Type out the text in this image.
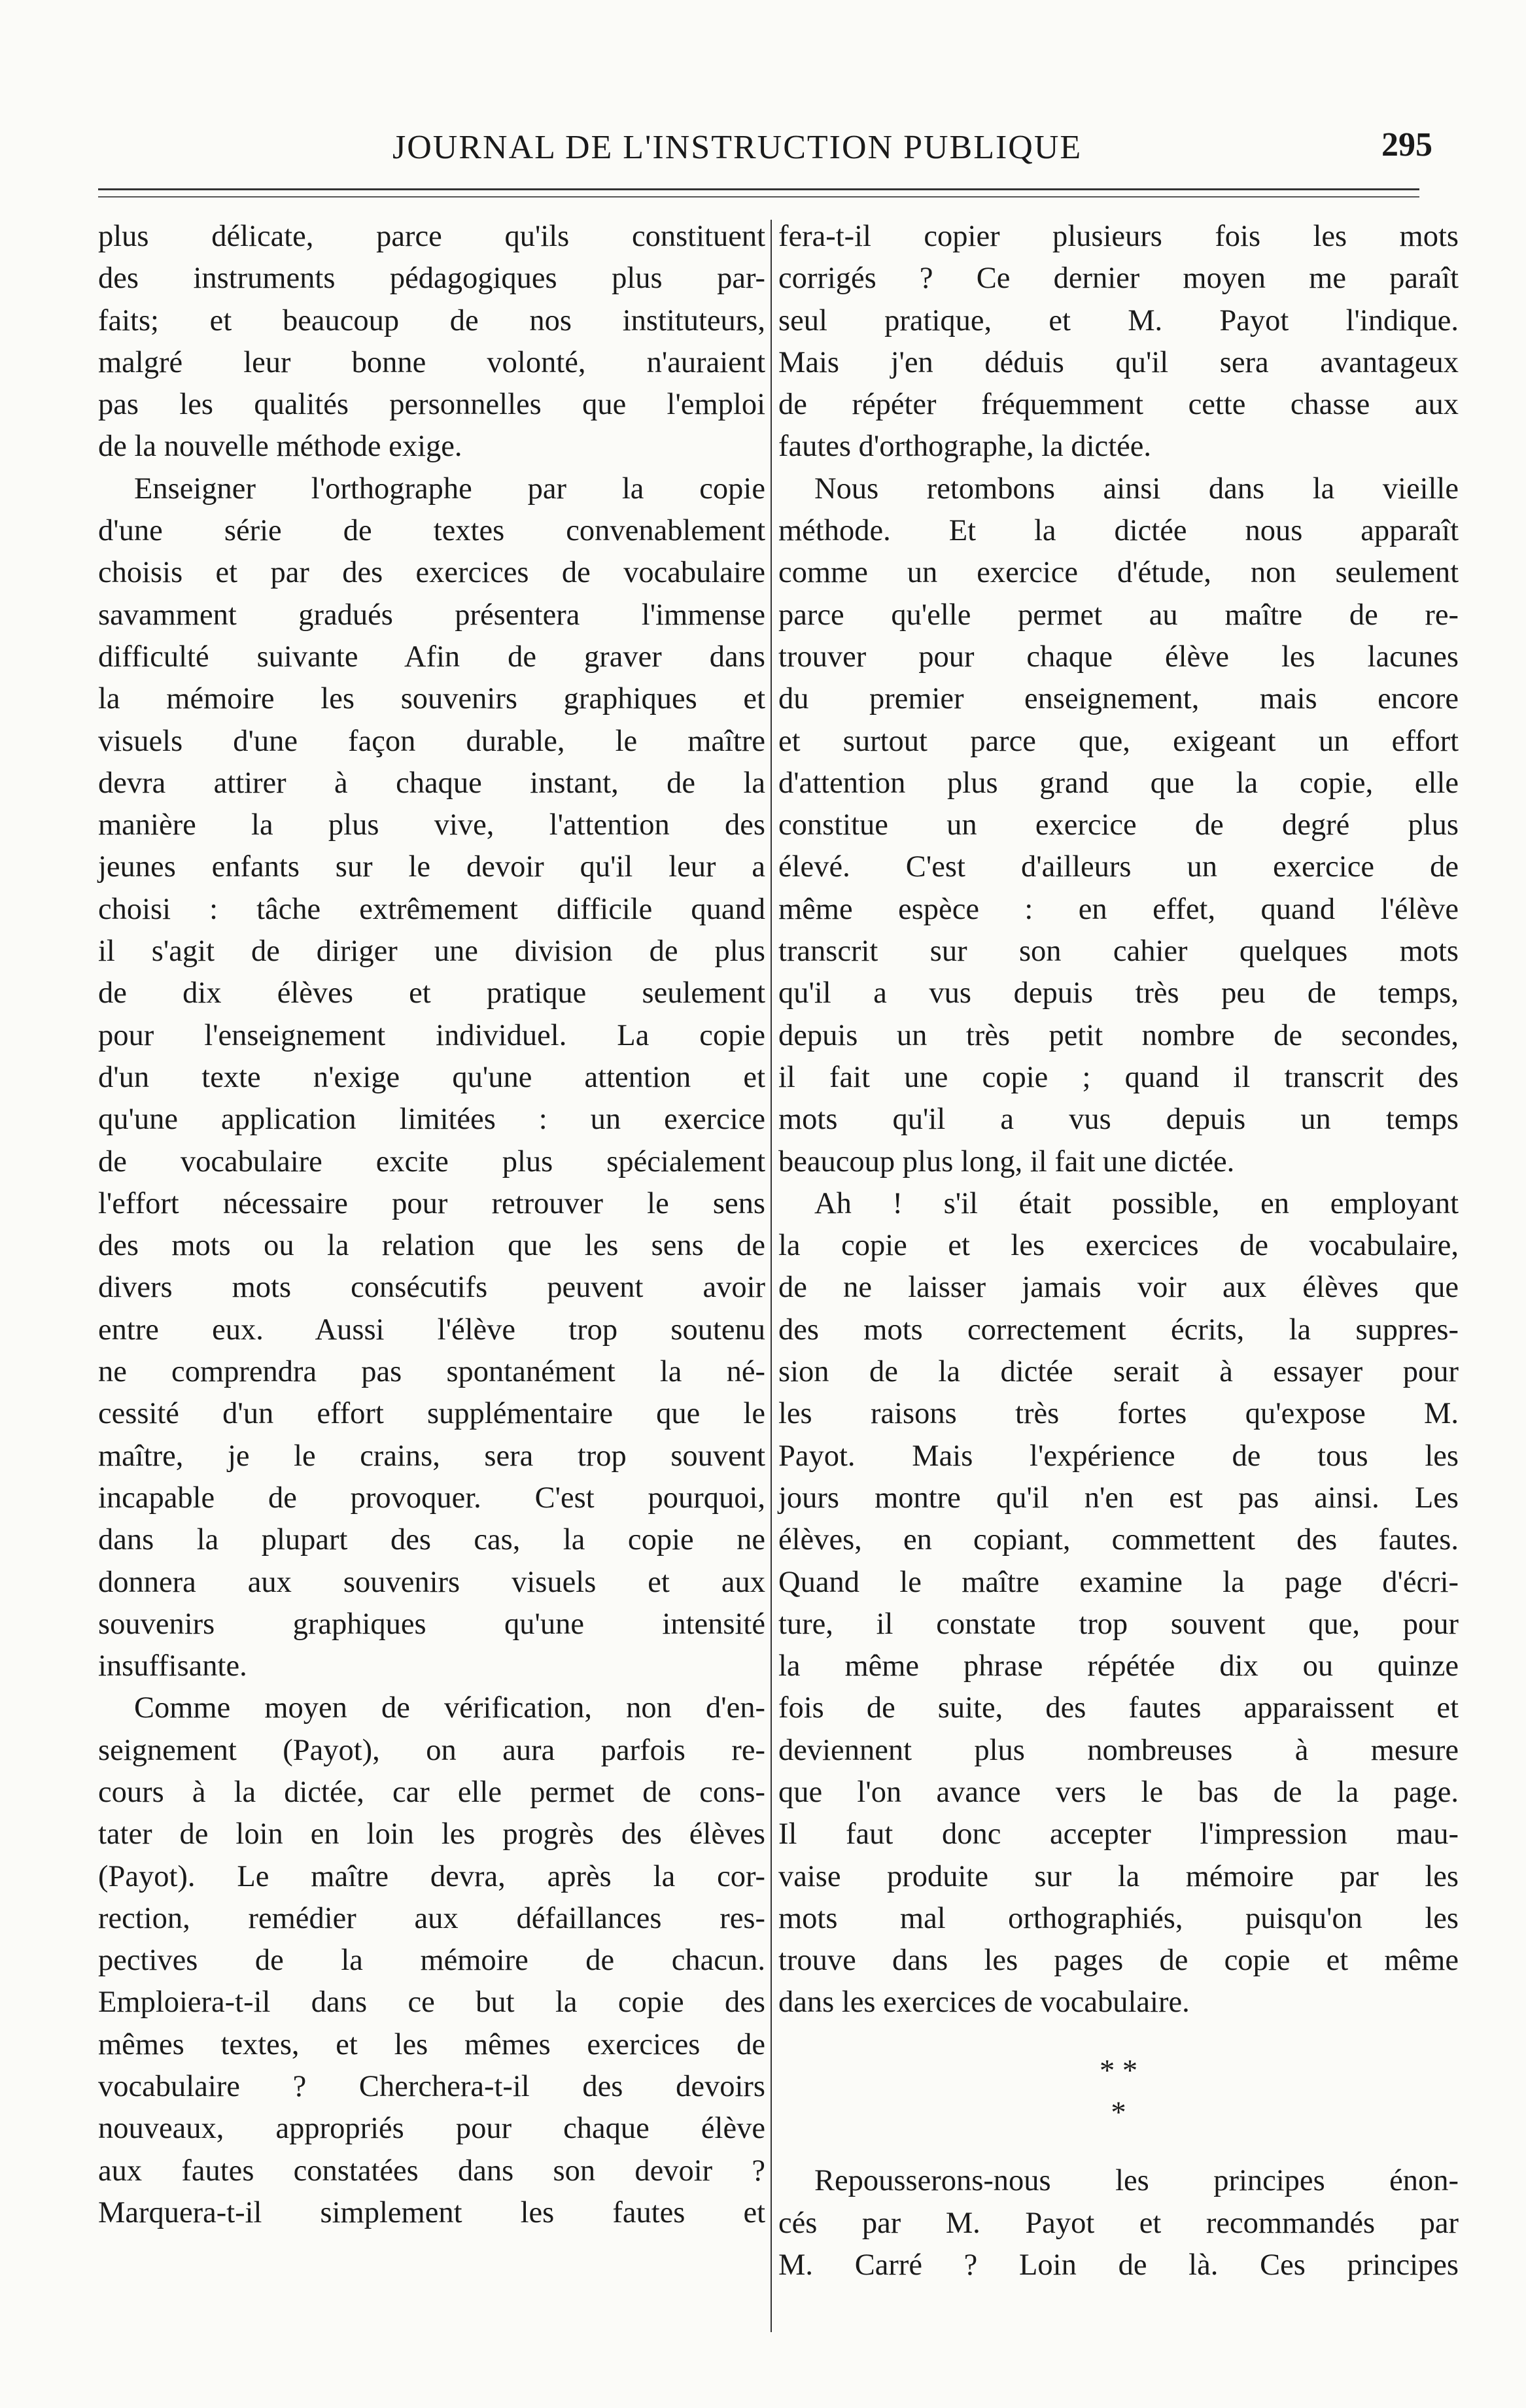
JOURNAL DE L'INSTRUCTION PUBLIQUE	295
plus délicate, parce qu'ils constituent
des instruments pédagogiques plus par-
faits; et beaucoup de nos instituteurs,
malgré leur bonne volonté, n'auraient
pas les qualités personnelles que l'emploi
de la nouvelle méthode exige.
Enseigner l'orthographe par la copie
d'une série de textes convenablement
choisis et par des exercices de vocabulaire
savamment gradués présentera l'immense
difficulté suivante Afin de graver dans
la mémoire les souvenirs graphiques et
visuels d'une façon durable, le maître
devra attirer à chaque instant, de la
manière la plus vive, l'attention des
jeunes enfants sur le devoir qu'il leur a
choisi : tâche extrêmement difficile quand
il s'agit de diriger une division de plus
de dix élèves et pratique seulement
pour l'enseignement individuel. La copie
d'un texte n'exige qu'une attention et
qu'une application limitées : un exercice
de vocabulaire excite plus spécialement
l'effort nécessaire pour retrouver le sens
des mots ou la relation que les sens de
divers mots consécutifs peuvent avoir
entre eux. Aussi l'élève trop soutenu
ne comprendra pas spontanément la né-
cessité d'un effort supplémentaire que le
maître, je le crains, sera trop souvent
incapable de provoquer. C'est pourquoi,
dans la plupart des cas, la copie ne
donnera aux souvenirs visuels et aux
souvenirs graphiques qu'une intensité
insuffisante.
Comme moyen de vérification, non d'en-
seignement (Payot), on aura parfois re-
cours à la dictée, car elle permet de cons-
tater de loin en loin les progrès des élèves
(Payot). Le maître devra, après la cor-
rection, remédier aux défaillances res-
pectives de la mémoire de chacun.
Emploiera-t-il dans ce but la copie des
mêmes textes, et les mêmes exercices de
vocabulaire ? Cherchera-t-il des devoirs
nouveaux, appropriés pour chaque élève
aux fautes constatées dans son devoir ?
Marquera-t-il simplement les fautes et
fera-t-il copier plusieurs fois les mots
corrigés ? Ce dernier moyen me paraît
seul pratique, et M. Payot l'indique.
Mais j'en déduis qu'il sera avantageux
de répéter fréquemment cette chasse aux
fautes d'orthographe, la dictée.
Nous retombons ainsi dans la vieille
méthode. Et la dictée nous apparaît
comme un exercice d'étude, non seulement
parce qu'elle permet au maître de re-
trouver pour chaque élève les lacunes
du premier enseignement, mais encore
et surtout parce que, exigeant un effort
d'attention plus grand que la copie, elle
constitue un exercice de degré plus
élevé. C'est d'ailleurs un exercice de
même espèce : en effet, quand l'élève
transcrit sur son cahier quelques mots
qu'il a vus depuis très peu de temps,
depuis un très petit nombre de secondes,
il fait une copie ; quand il transcrit des
mots qu'il a vus depuis un temps
beaucoup plus long, il fait une dictée.
Ah ! s'il était possible, en employant
la copie et les exercices de vocabulaire,
de ne laisser jamais voir aux élèves que
des mots correctement écrits, la suppres-
sion de la dictée serait à essayer pour
les raisons très fortes qu'expose M.
Payot. Mais l'expérience de tous les
jours montre qu'il n'en est pas ainsi. Les
élèves, en copiant, commettent des fautes.
Quand le maître examine la page d'écri-
ture, il constate trop souvent que, pour
la même phrase répétée dix ou quinze
fois de suite, des fautes apparaissent et
deviennent plus nombreuses à mesure
que l'on avance vers le bas de la page.
Il faut donc accepter l'impression mau-
vaise produite sur la mémoire par les
mots mal orthographiés, puisqu'on les
trouve dans les pages de copie et même
dans les exercices de vocabulaire.
* *
*
Repousserons-nous les principes énon-
cés par M. Payot et recommandés par
M. Carré ? Loin de là. Ces principes
